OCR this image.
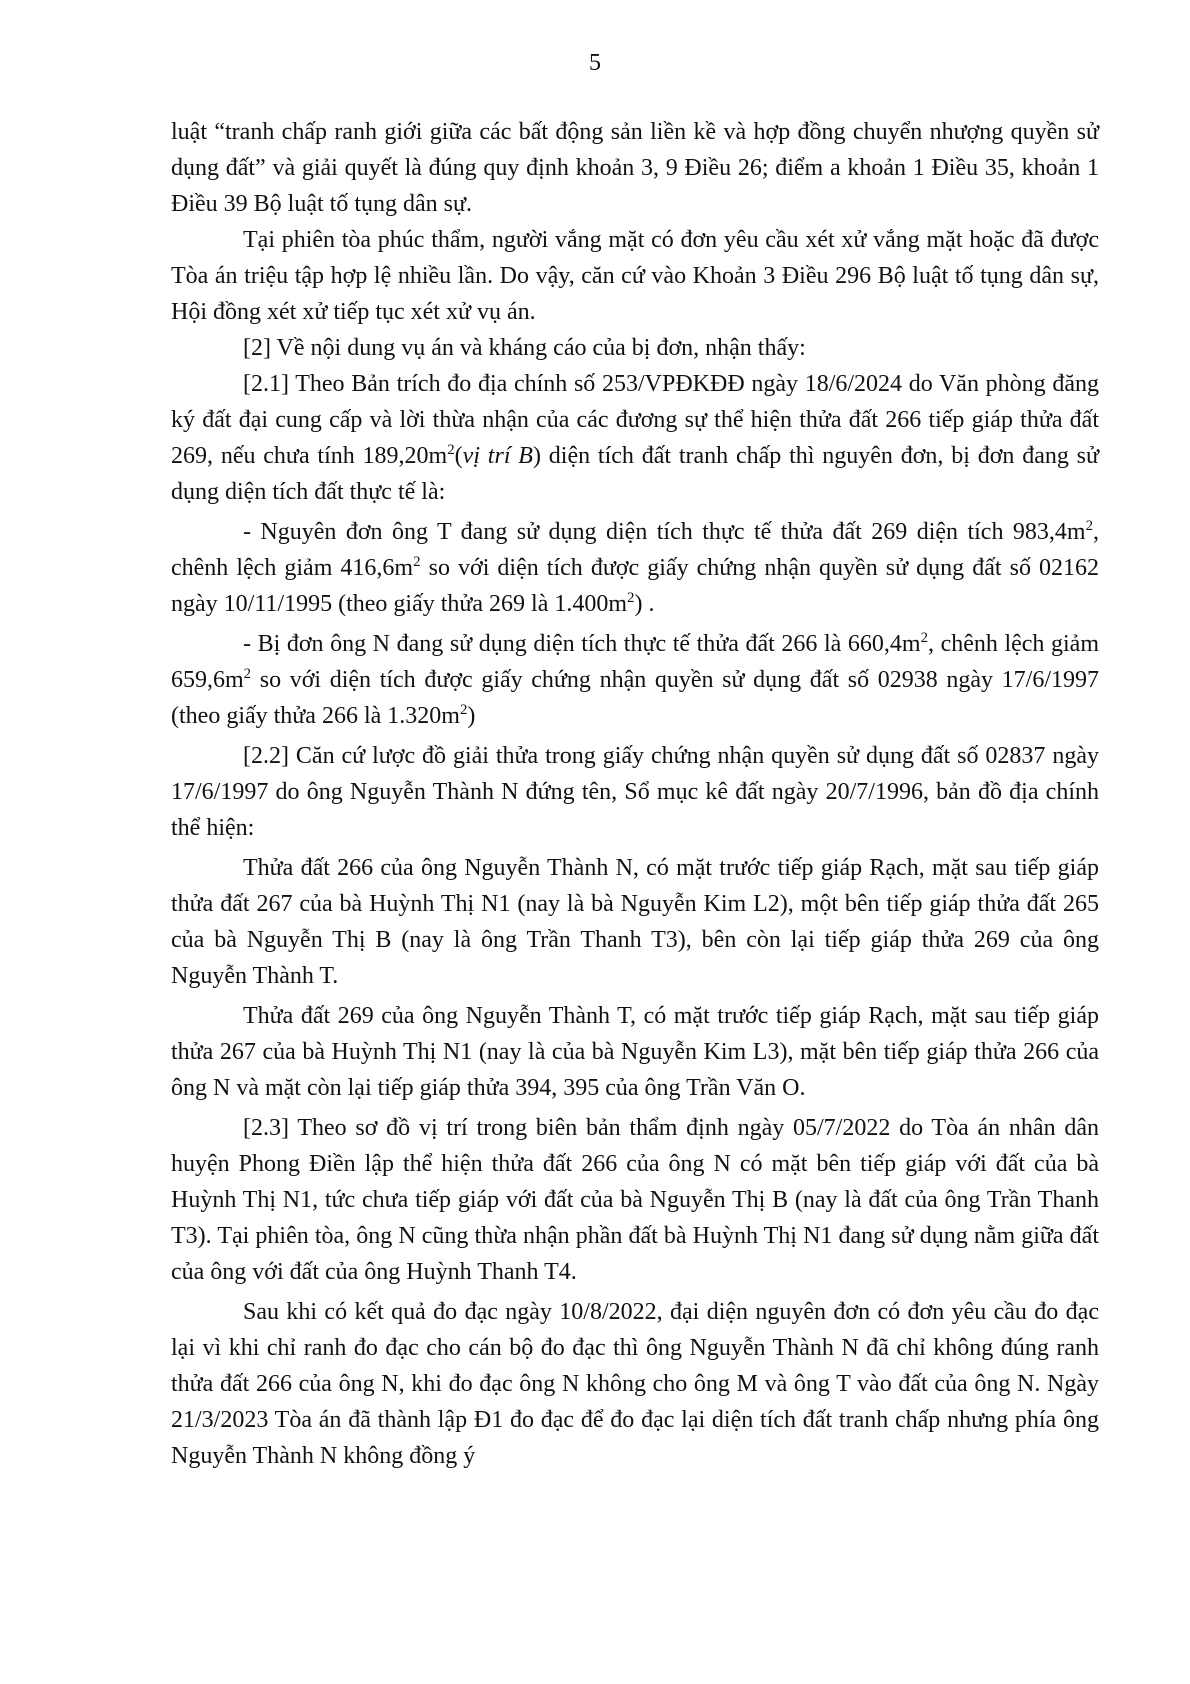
5

luật “tranh chấp ranh giới giữa các bất động sản liền kề và hợp đồng chuyển nhượng quyền sử dụng đất” và giải quyết là đúng quy định khoản 3, 9 Điều 26; điểm a khoản 1 Điều 35, khoản 1 Điều 39 Bộ luật tố tụng dân sự.

Tại phiên tòa phúc thẩm, người vắng mặt có đơn yêu cầu xét xử vắng mặt hoặc đã được Tòa án triệu tập hợp lệ nhiều lần. Do vậy, căn cứ vào Khoản 3 Điều 296 Bộ luật tố tụng dân sự, Hội đồng xét xử tiếp tục xét xử vụ án.

[2] Về nội dung vụ án và kháng cáo của bị đơn, nhận thấy:

[2.1] Theo Bản trích đo địa chính số 253/VPĐKĐĐ ngày 18/6/2024 do Văn phòng đăng ký đất đại cung cấp và lời thừa nhận của các đương sự thể hiện thửa đất 266 tiếp giáp thửa đất 269, nếu chưa tính $189,20m^2(vị$ trí B) diện tích đất tranh chấp thì nguyên đơn, bị đơn đang sử dụng diện tích đất thực tế là:

- Nguyên đơn ông T đang sử dụng diện tích thực tế thửa đất 269 diện tích $983,4m^2$, chênh lệch giảm $416,6m^2$ so với diện tích được giấy chứng nhận quyền sử dụng đất số 02162 ngày 10/11/1995 (theo giấy thửa 269 là $1.400m^2$) .

- Bị đơn ông N đang sử dụng diện tích thực tế thửa đất 266 là $660,4m^2$, chênh lệch giảm $659,6m^2$ so với diện tích được giấy chứng nhận quyền sử dụng đất số 02938 ngày 17/6/1997 (theo giấy thửa 266 là $1.320m^2$)

[2.2] Căn cứ lược đồ giải thửa trong giấy chứng nhận quyền sử dụng đất số 02837 ngày 17/6/1997 do ông Nguyễn Thành N đứng tên, Sổ mục kê đất ngày 20/7/1996, bản đồ địa chính thể hiện:

Thửa đất 266 của ông Nguyễn Thành N, có mặt trước tiếp giáp Rạch, mặt sau tiếp giáp thửa đất 267 của bà Huỳnh Thị N1 (nay là bà Nguyễn Kim L2), một bên tiếp giáp thửa đất 265 của bà Nguyễn Thị B (nay là ông Trần Thanh T3), bên còn lại tiếp giáp thửa 269 của ông Nguyễn Thành T.

Thửa đất 269 của ông Nguyễn Thành T, có mặt trước tiếp giáp Rạch, mặt sau tiếp giáp thửa 267 của bà Huỳnh Thị N1 (nay là của bà Nguyễn Kim L3), mặt bên tiếp giáp thửa 266 của ông N và mặt còn lại tiếp giáp thửa 394, 395 của ông Trần Văn O.

[2.3] Theo sơ đồ vị trí trong biên bản thẩm định ngày 05/7/2022 do Tòa án nhân dân huyện Phong Điền lập thể hiện thửa đất 266 của ông N có mặt bên tiếp giáp với đất của bà Huỳnh Thị N1, tức chưa tiếp giáp với đất của bà Nguyễn Thị B (nay là đất của ông Trần Thanh T3). Tại phiên tòa, ông N cũng thừa nhận phần đất bà Huỳnh Thị N1 đang sử dụng nằm giữa đất của ông với đất của ông Huỳnh Thanh T4.

Sau khi có kết quả đo đạc ngày 10/8/2022, đại diện nguyên đơn có đơn yêu cầu đo đạc lại vì khi chỉ ranh đo đạc cho cán bộ đo đạc thì ông Nguyễn Thành N đã chỉ không đúng ranh thửa đất 266 của ông N, khi đo đạc ông N không cho ông M và ông T vào đất của ông N. Ngày 21/3/2023 Tòa án đã thành lập Đ1 đo đạc để đo đạc lại diện tích đất tranh chấp nhưng phía ông Nguyễn Thành N không đồng ý
